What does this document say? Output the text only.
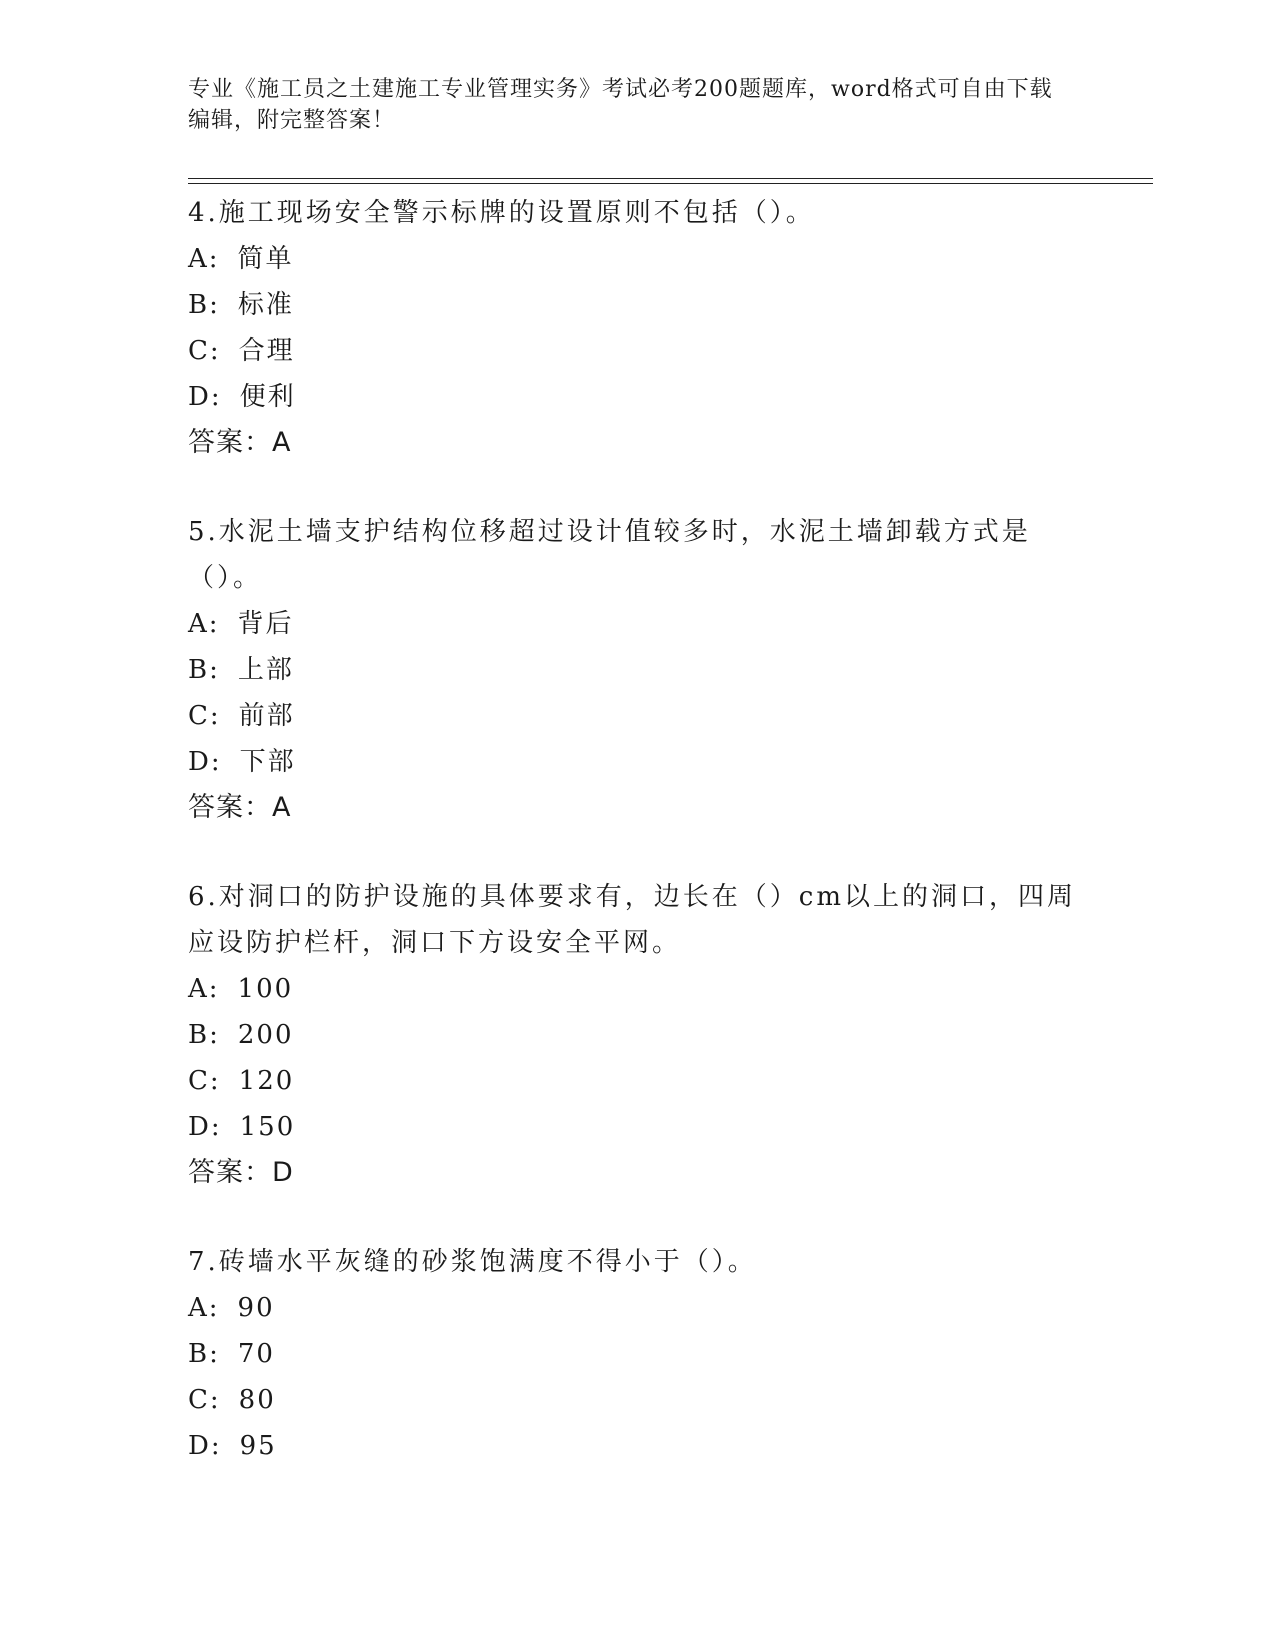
专业《施工员之土建施工专业管理实务》考试必考200题题库，word格式可自由下载编辑，附完整答案！

4.施工现场安全警示标牌的设置原则不包括（）。

A: 简单

B: 标准

C: 合理

D: 便利

答案：A

5.水泥土墙支护结构位移超过设计值较多时，水泥土墙卸载方式是（）。

A: 背后

B: 上部

C: 前部

D: 下部

答案：A

6.对洞口的防护设施的具体要求有，边长在（）cm以上的洞口，四周应设防护栏杆，洞口下方设安全平网。

A: 100

B: 200

C: 120

D: 150

答案：D

7.砖墙水平灰缝的砂浆饱满度不得小于（）。

A: 90

B: 70

C: 80

D: 95
